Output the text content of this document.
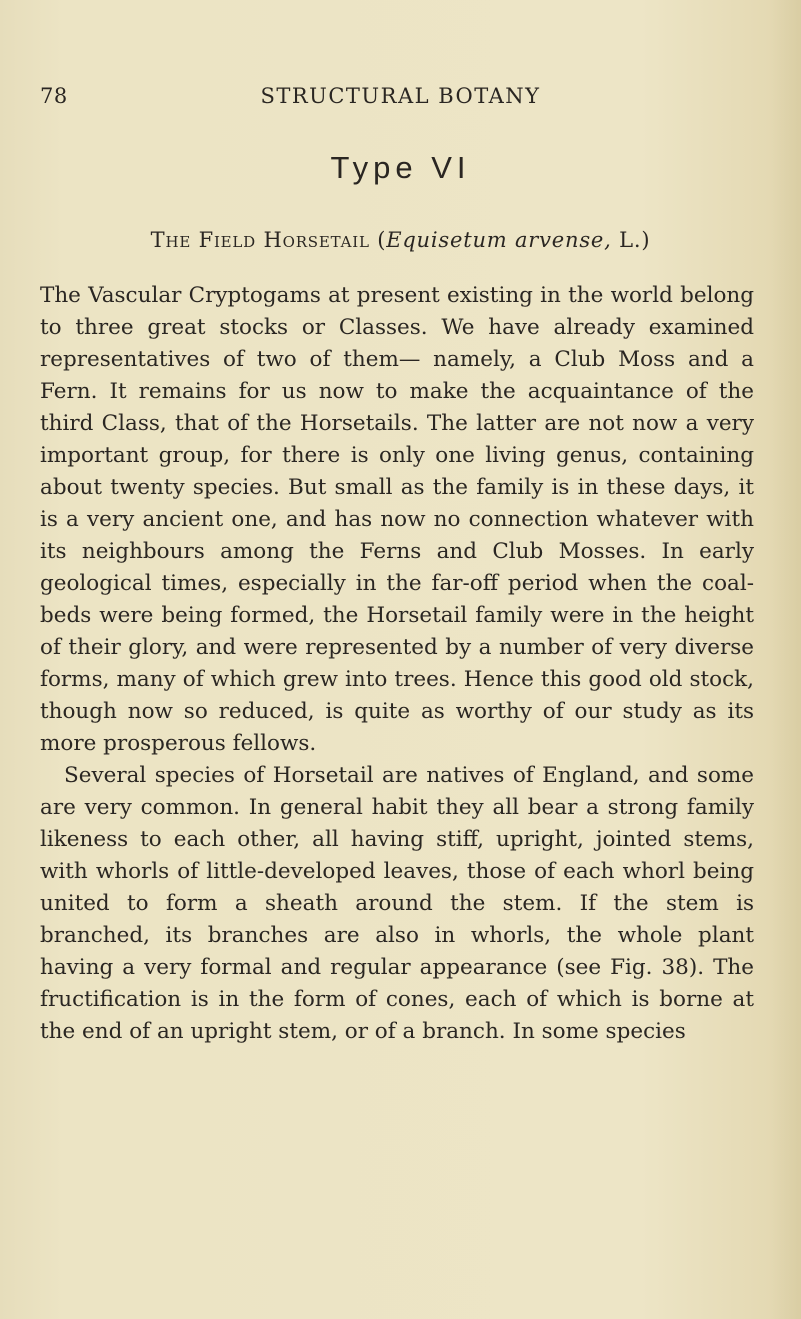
78	STRUCTURAL BOTANY
Type VI
The Field Horsetail (Equisetum arvense, L.)

The Vascular Cryptogams at present existing in the world belong to three great stocks or Classes. We have already examined representatives of two of them— namely, a Club Moss and a Fern. It remains for us now to make the acquaintance of the third Class, that of the Horsetails. The latter are not now a very important group, for there is only one living genus, containing about twenty species. But small as the family is in these days, it is a very ancient one, and has now no connection whatever with its neighbours among the Ferns and Club Mosses. In early geological times, especially in the far-off period when the coal-beds were being formed, the Horsetail family were in the height of their glory, and were represented by a number of very diverse forms, many of which grew into trees. Hence this good old stock, though now so reduced, is quite as worthy of our study as its more prosperous fellows.

Several species of Horsetail are natives of England, and some are very common. In general habit they all bear a strong family likeness to each other, all having stiff, upright, jointed stems, with whorls of little-developed leaves, those of each whorl being united to form a sheath around the stem. If the stem is branched, its branches are also in whorls, the whole plant having a very formal and regular appearance (see Fig. 38). The fructification is in the form of cones, each of which is borne at the end of an upright stem, or of a branch. In some species
